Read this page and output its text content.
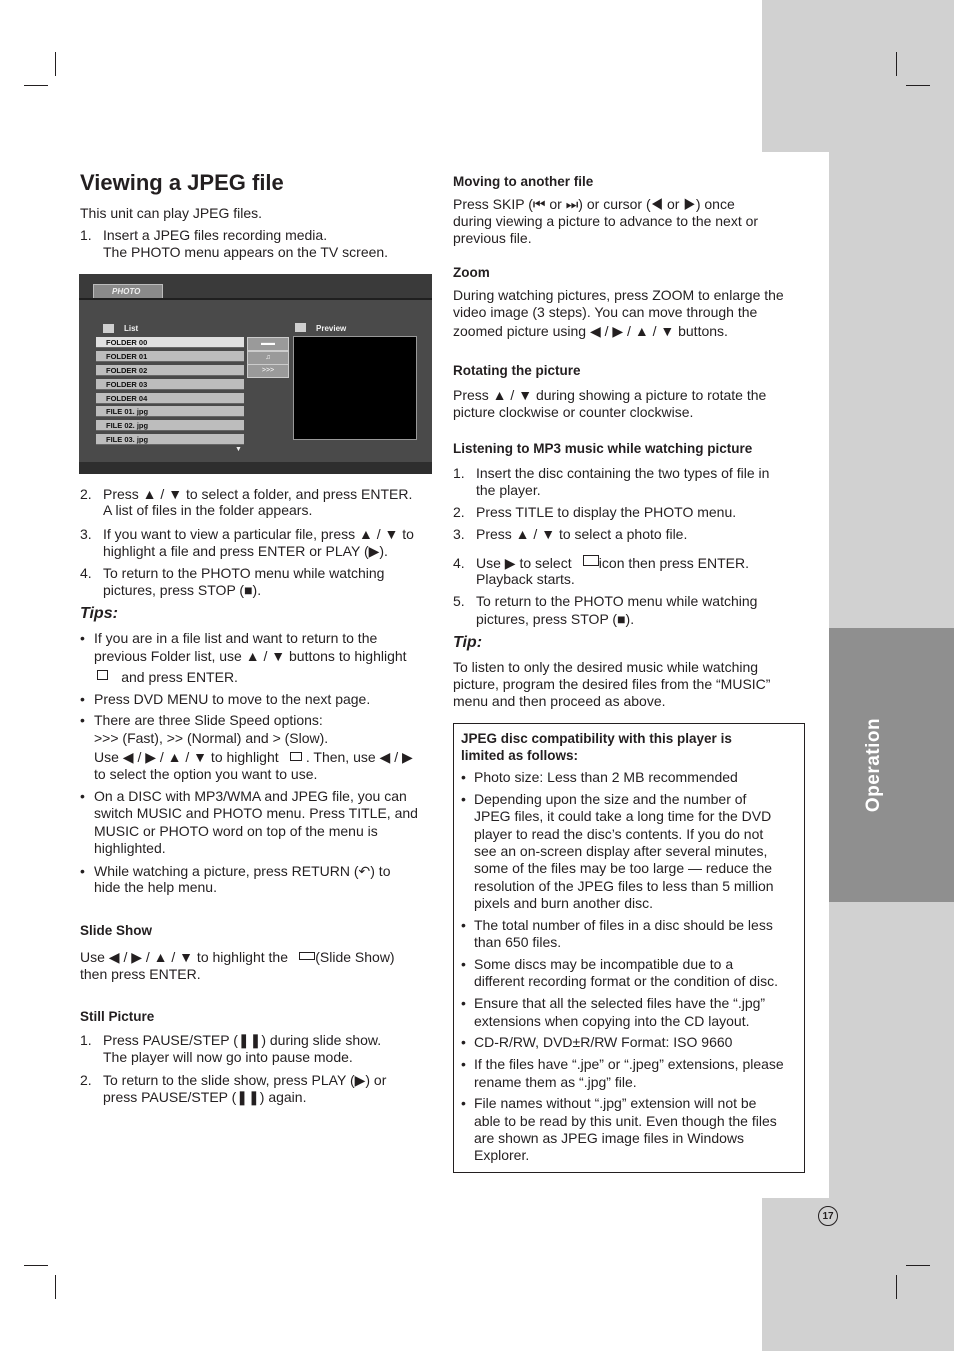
Operation
Viewing a JPEG file

This unit can play JPEG files.

1. Insert a JPEG files recording media.

The PHOTO menu appears on the TV screen.

PHOTO
List	Preview
FOLDER 00
FOLDER 01
FOLDER 02
FOLDER 03
FOLDER 04
FILE 01. jpg
FILE 02. jpg
FILE 03. jpg
▼
▬▬
♫
>>>
2. Press ▲ / ▼ to select a folder, and press ENTER.

A list of files in the folder appears.

3. If you want to view a particular file, press ▲ / ▼ to

highlight a file and press ENTER or PLAY (▶).

4. To return to the PHOTO menu while watching

pictures, press STOP (■).

Tips:

• If you are in a file list and want to return to the

previous Folder list, use ▲ / ▼ buttons to highlight

and press ENTER.

• Press DVD MENU to move to the next page.

• There are three Slide Speed options:

>>> (Fast), >> (Normal) and > (Slow).

Use ◀ / ▶ / ▲ / ▼ to highlight       . Then, use ◀ / ▶

to select the option you want to use.

• On a DISC with MP3/WMA and JPEG file, you can

switch MUSIC and PHOTO menu. Press TITLE, and

MUSIC or PHOTO word on top of the menu is

highlighted.

• While watching a picture, press RETURN (↶) to

hide the help menu.

Slide Show

Use ◀ / ▶ / ▲ / ▼ to highlight the       (Slide Show)

then press ENTER.

Still Picture

1. Press PAUSE/STEP (❚❚) during slide show.

The player will now go into pause mode.

2. To return to the slide show, press PLAY (▶) or

press PAUSE/STEP (❚❚) again.

Moving to another file

Press SKIP (⏮ or ⏭) or cursor (◀ or ▶) once

during viewing a picture to advance to the next or

previous file.

Zoom

During watching pictures, press ZOOM to enlarge the

video image (3 steps). You can move through the

zoomed picture using ◀ / ▶ / ▲ / ▼ buttons.

Rotating the picture

Press ▲ / ▼ during showing a picture to rotate the

picture clockwise or counter clockwise.

Listening to MP3 music while watching picture

1. Insert the disc containing the two types of file in

the player.

2. Press TITLE to display the PHOTO menu.

3. Press ▲ / ▼ to select a photo file.

4. Use ▶ to select       icon then press ENTER.

Playback starts.

5. To return to the PHOTO menu while watching

pictures, press STOP (■).

Tip:

To listen to only the desired music while watching

picture, program the desired files from the “MUSIC”

menu and then proceed as above.

JPEG disc compatibility with this player is

limited as follows:

• Photo size: Less than 2 MB recommended

• Depending upon the size and the number of

JPEG files, it could take a long time for the DVD

player to read the disc’s contents. If you do not

see an on-screen display after several minutes,

some of the files may be too large — reduce the

resolution of the JPEG files to less than 5 million

pixels and burn another disc.

• The total number of files in a disc should be less

than 650 files.

• Some discs may be incompatible due to a

different recording format or the condition of disc.

• Ensure that all the selected files have the “.jpg”

extensions when copying into the CD layout.

• CD-R/RW, DVD±R/RW Format: ISO 9660

• If the files have “.jpe” or “.jpeg” extensions, please

rename them as “.jpg” file.

• File names without “.jpg” extension will not be

able to be read by this unit. Even though the files

are shown as JPEG image files in Windows

Explorer.

17
